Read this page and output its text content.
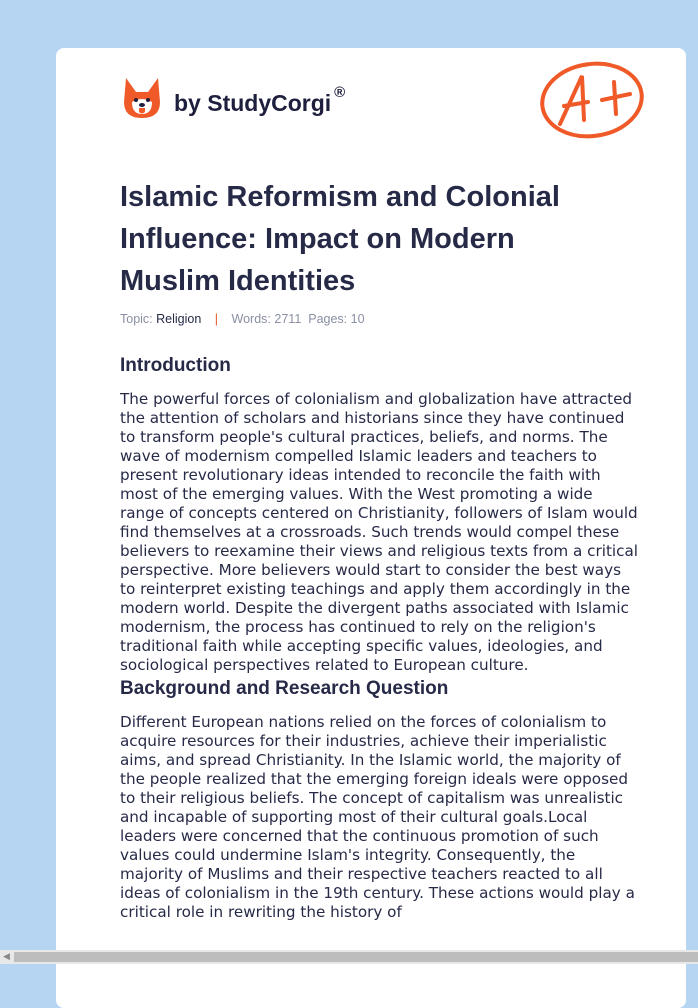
by StudyCorgi ®
Islamic Reformism and Colonial Influence: Impact on Modern Muslim Identities
Topic: Religion | Words: 2711 Pages: 10
Introduction

The powerful forces of colonialism and globalization have attracted the attention of scholars and historians since they have continued to transform people's cultural practices, beliefs, and norms. The wave of modernism compelled Islamic leaders and teachers to present revolutionary ideas intended to reconcile the faith with most of the emerging values. With the West promoting a wide range of concepts centered on Christianity, followers of Islam would find themselves at a crossroads. Such trends would compel these believers to reexamine their views and religious texts from a critical perspective. More believers would start to consider the best ways to reinterpret existing teachings and apply them accordingly in the modern world. Despite the divergent paths associated with Islamic modernism, the process has continued to rely on the religion's traditional faith while accepting specific values, ideologies, and sociological perspectives related to European culture.

Background and Research Question

Different European nations relied on the forces of colonialism to acquire resources for their industries, achieve their imperialistic aims, and spread Christianity. In the Islamic world, the majority of the people realized that the emerging foreign ideals were opposed to their religious beliefs. The concept of capitalism was unrealistic and incapable of supporting most of their cultural goals.Local leaders were concerned that the continuous promotion of such values could undermine Islam's integrity. Consequently, the majority of Muslims and their respective teachers reacted to all ideas of colonialism in the 19th century. These actions would play a critical role in rewriting the history of

◀
